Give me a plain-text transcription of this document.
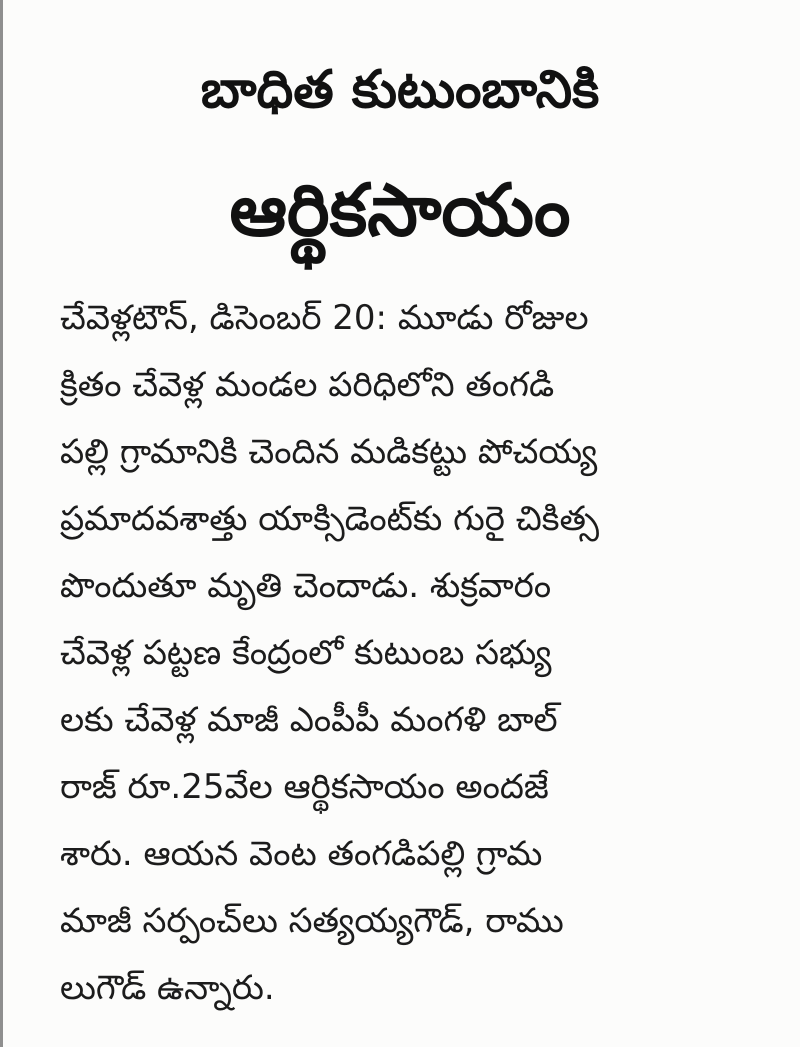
బాధిత కుటుంబానికి
ఆర్థికసాయం
చేవెళ్లటౌన్, డిసెంబర్ 20: మూడు రోజుల
క్రితం చేవెళ్ల మండల పరిధిలోని తంగడి
పల్లి గ్రామానికి చెందిన మడికట్టు పోచయ్య
ప్రమాదవశాత్తు యాక్సిడెంట్‌కు గురై చికిత్స
పొందుతూ మృతి చెందాడు. శుక్రవారం
చేవెళ్ల పట్టణ కేంద్రంలో కుటుంబ సభ్యు
లకు చేవెళ్ల మాజీ ఎంపీపీ మంగళి బాల్
రాజ్ రూ.25వేల ఆర్థికసాయం అందజే
శారు. ఆయన వెంట తంగడిపల్లి గ్రామ
మాజీ సర్పంచ్‌లు సత్యయ్యగౌడ్, రాము
లుగౌడ్ ఉన్నారు.
